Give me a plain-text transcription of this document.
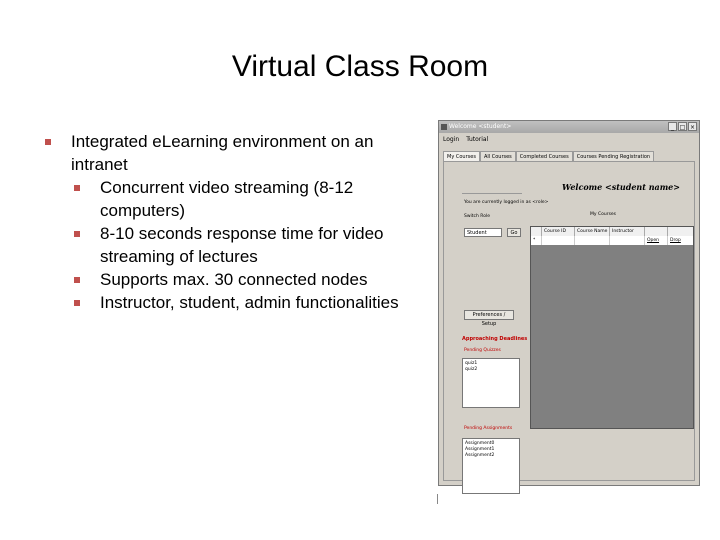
Virtual Class Room
Integrated eLearning environment on an intranet
Concurrent video streaming (8-12 computers)
8-10 seconds response time for video streaming of lectures
Supports max. 30 connected nodes
Instructor, student, admin functionalities
Welcome <student>	_ □ ×
Login Tutorial
My Courses	All Courses	Completed Courses	Courses Pending Registration
Welcome <student name>
You are currently logged in as <role>
Switch Role
Student	Go
My Courses
Course ID	Course Name	Instructor
*	Open	Drop
Preferences / Setup
Approaching Deadlines
Pending Quizzes
quiz1
quiz2
Pending Assignments
Assignment0
Assignment1
Assignment2
